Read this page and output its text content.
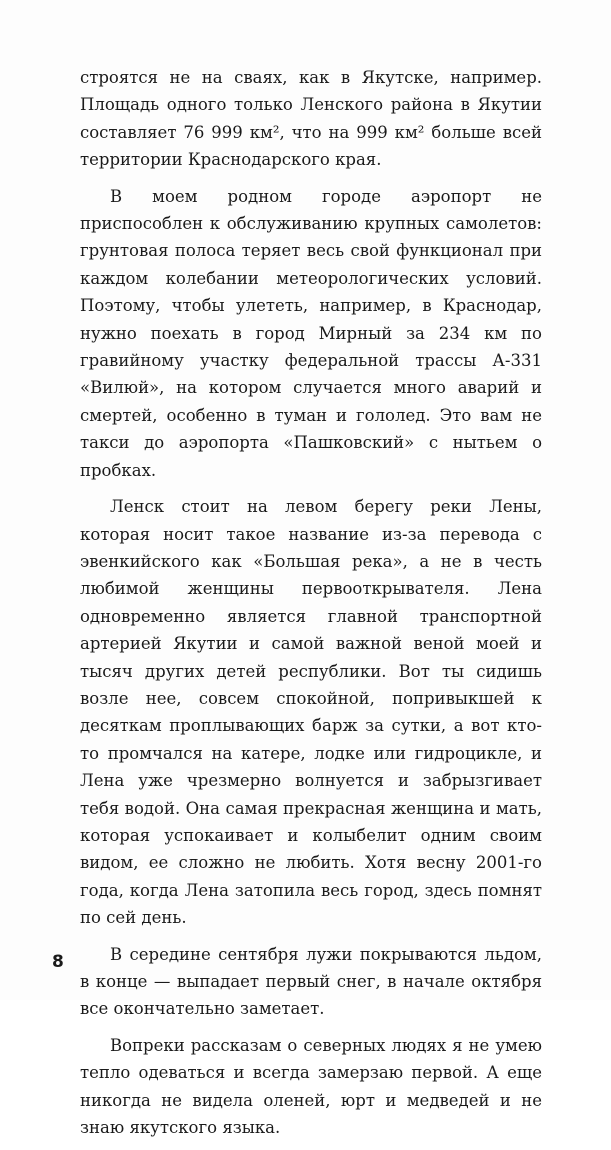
строятся не на сваях, как в Якутске, например. Площадь одного только Ленского района в Якутии составляет 76 999 км², что на 999 км² больше всей территории Краснодарского края.

В моем родном городе аэропорт не приспособлен к обслуживанию крупных самолетов: грунтовая полоса теряет весь свой функционал при каждом колебании метеорологических условий. Поэтому, чтобы улететь, например, в Краснодар, нужно поехать в город Мирный за 234 км по гравийному участку федеральной трассы А-331 «Вилюй», на котором случается много аварий и смертей, особенно в туман и гололед. Это вам не такси до аэропорта «Пашковский» с нытьем о пробках.

Ленск стоит на левом берегу реки Лены, которая носит такое название из-за перевода с эвенкийского как «Большая река», а не в честь любимой женщины первооткрывателя. Лена одновременно является главной транспортной артерией Якутии и самой важной веной моей и тысяч других детей республики. Вот ты сидишь возле нее, совсем спокойной, попривыкшей к десяткам проплывающих барж за сутки, а вот кто-то промчался на катере, лодке или гидроцикле, и Лена уже чрезмерно волнуется и забрызгивает тебя водой. Она самая прекрасная женщина и мать, которая успокаивает и колыбелит одним своим видом, ее сложно не любить. Хотя весну 2001-го года, когда Лена затопила весь город, здесь помнят по сей день.

В середине сентября лужи покрываются льдом, в конце — выпадает первый снег, в начале октября все окончательно заметает.

Вопреки рассказам о северных людях я не умею тепло одеваться и всегда замерзаю первой. А еще никогда не видела оленей, юрт и медведей и не знаю якутского языка.

8
